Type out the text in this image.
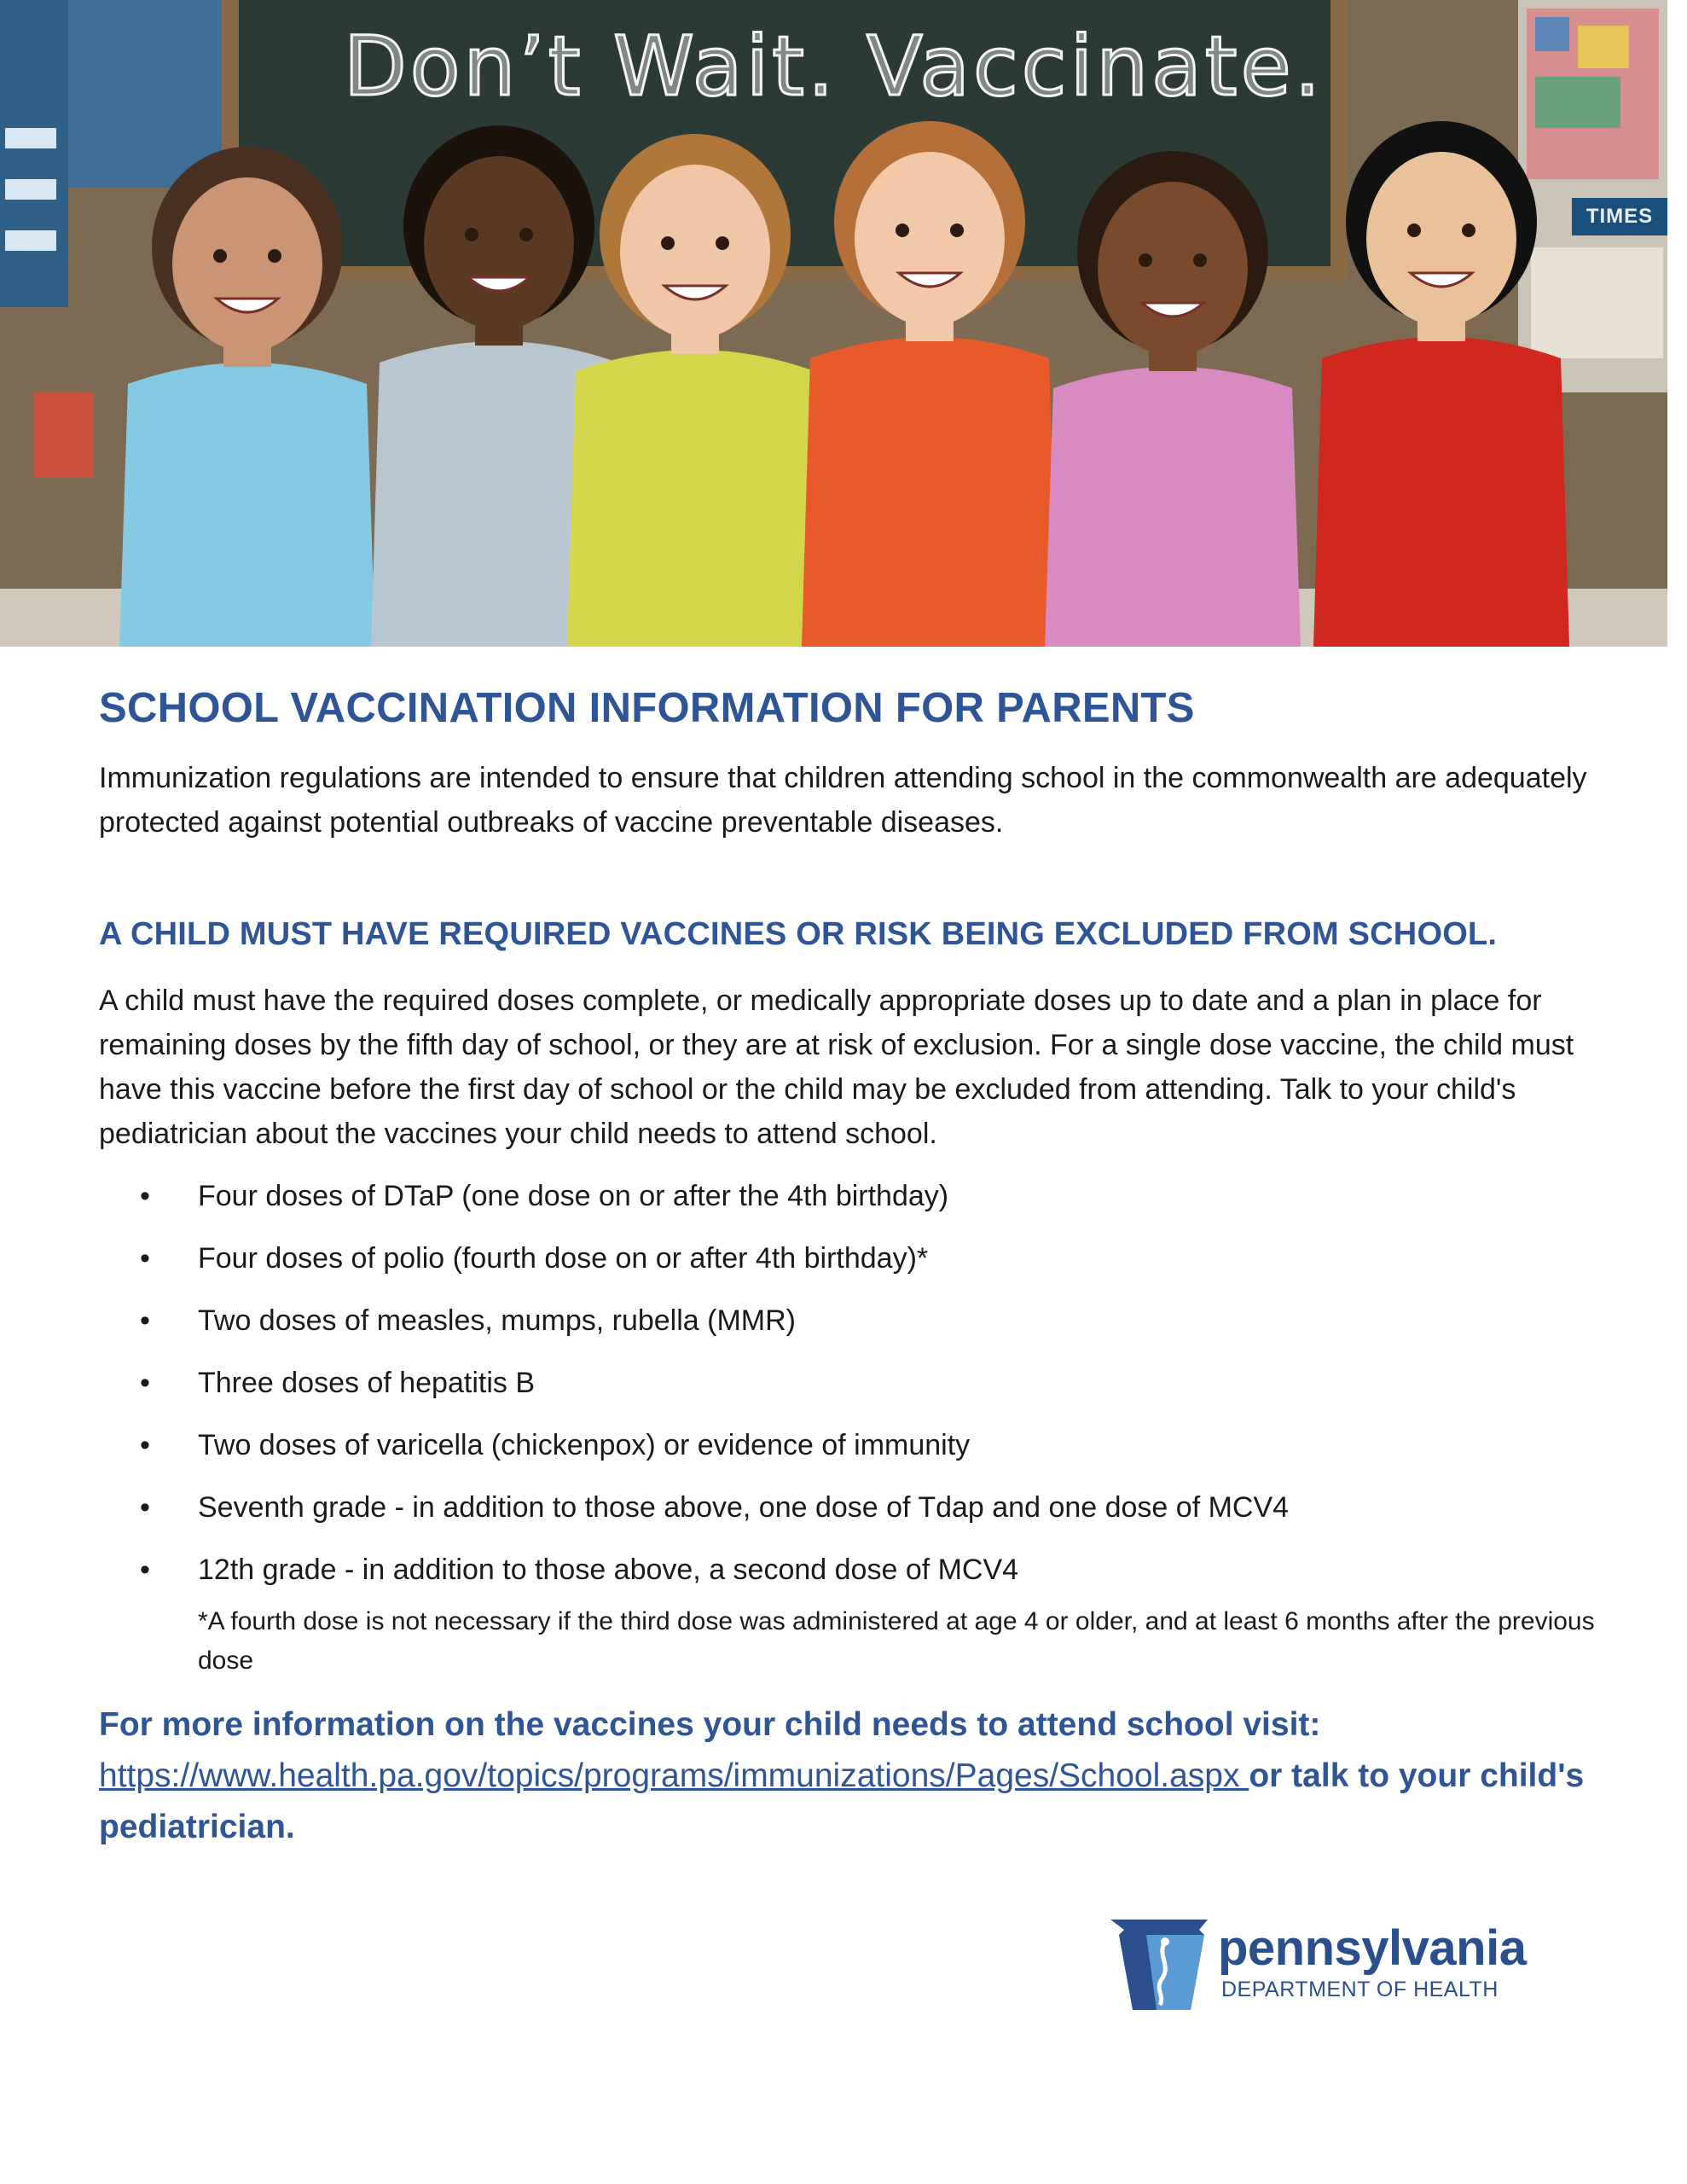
Don’t Wait. Vaccinate.
TIMES
SCHOOL VACCINATION INFORMATION FOR PARENTS

Immunization regulations are intended to ensure that children attending school in the commonwealth are adequately protected against potential outbreaks of vaccine preventable diseases.

A CHILD MUST HAVE REQUIRED VACCINES OR RISK BEING EXCLUDED FROM SCHOOL.

A child must have the required doses complete, or medically appropriate doses up to date and a plan in place for remaining doses by the fifth day of school, or they are at risk of exclusion. For a single dose vaccine, the child must have this vaccine before the first day of school or the child may be excluded from attending. Talk to your child's pediatrician about the vaccines your child needs to attend school.

• Four doses of DTaP (one dose on or after the 4th birthday)
• Four doses of polio (fourth dose on or after 4th birthday)*
• Two doses of measles, mumps, rubella (MMR)
• Three doses of hepatitis B
• Two doses of varicella (chickenpox) or evidence of immunity
• Seventh grade - in addition to those above, one dose of Tdap and one dose of MCV4
• 12th grade - in addition to those above, a second dose of MCV4
*A fourth dose is not necessary if the third dose was administered at age 4 or older, and at least 6 months after the previous dose
For more information on the vaccines your child needs to attend school visit:
https://www.health.pa.gov/topics/programs/immunizations/Pages/School.aspx or talk to your child's pediatrician.
pennsylvania
DEPARTMENT OF HEALTH
